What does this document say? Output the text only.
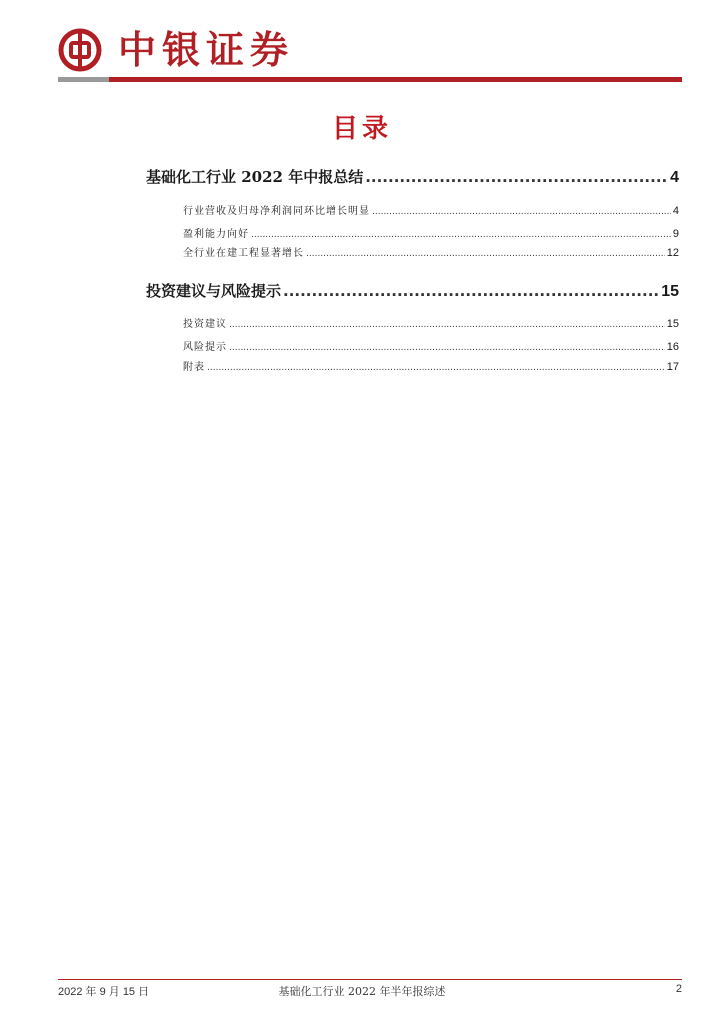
中银证券
目录
基础化工行业 2022 年中报总结 .....	4
行业营收及归母净利润同环比增长明显 .....	4
盈利能力向好 .....	9
全行业在建工程显著增长 .....	12
投资建议与风险提示 .....	15
投资建议 .....	15
风险提示 .....	16
附表 .....	17
2022 年 9 月 15 日	基础化工行业 2022 年半年报综述	2
